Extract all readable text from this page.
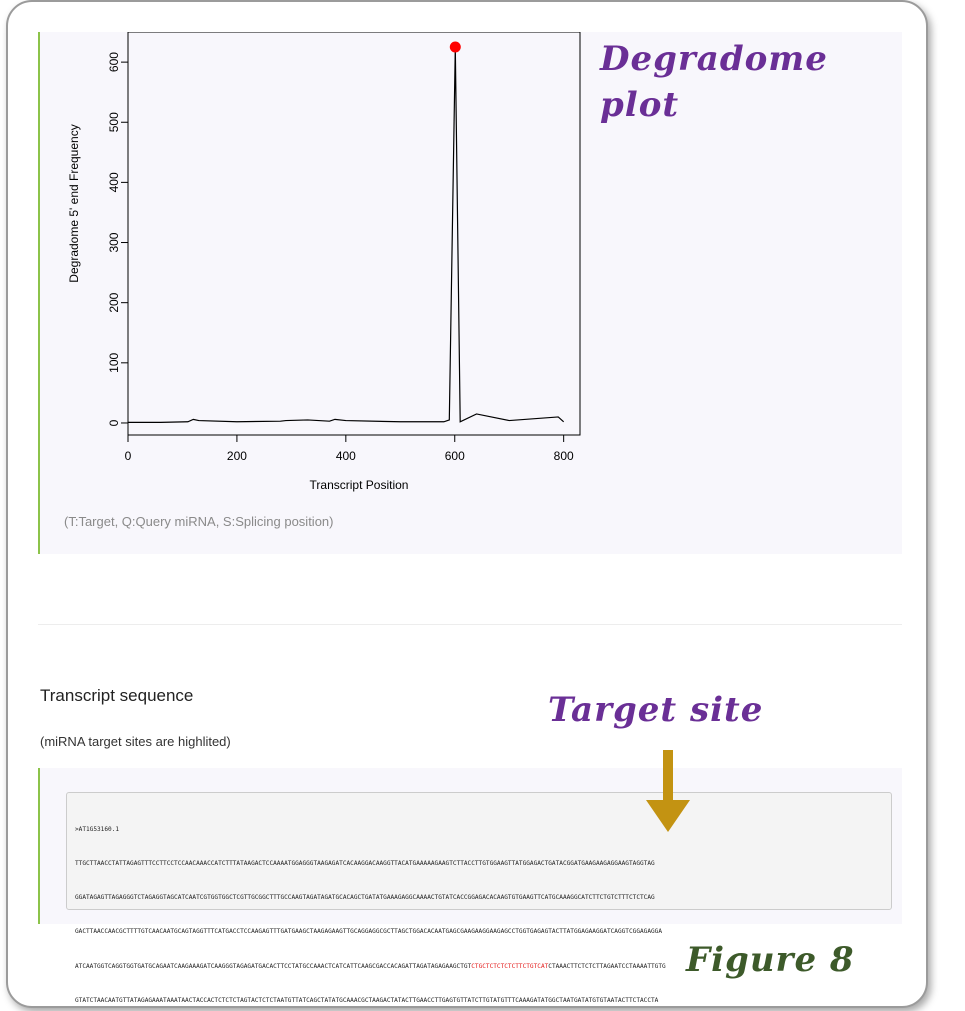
0	200	400	600	800
0
100
200
300
400
500
600
Transcript Position
Degradome 5' end Frequency
(T:Target, Q:Query miRNA, S:Splicing position)
Degradome
plot
Transcript sequence
(miRNA target sites are highlited)
Target site

>AT1G53160.1

TTGCTTAACCTATTAGAGTTTCCTTCCTCCAACAAACCATCTTTATAAGACTCCAAAATGGAGGGTAAGAGATCACAAGGACAAGGTTACATGAAAAAGAAGTCTTACCTTGTGGAAGTTATGGAGACTGATACGGATGAAGAAGAGGAAGTAGGTAG

GGATAGAGTTAGAGGGTCTAGAGGTAGCATCAATCGTGGTGGCTCGTTGCGGCTTTGCCAAGTAGATAGATGCACAGCTGATATGAAAGAGGCAAAACTGTATCACCGGAGACACAAGTGTGAAGTTCATGCAAAGGCATCTTCTGTCTTTCTCTCAG

GACTTAACCAACGCTTTTGTCAACAATGCAGTAGGTTTCATGACCTCCAAGAGTTTGATGAAGCTAAGAGAAGTTGCAGGAGGCGCTTAGCTGGACACAATGAGCGAAGAAGGAAGAGCCTGGTGAGAGTACTTATGGAGAAGGATCAGGTCGGAGAGGA

ATCAATGGTCAGGTGGTGATGCAGAATCAAGAAAGATCAAGGGTAGAGATGACACTTCCTATGCCAAACTCATCATTCAAGCGACCACAGATTAGATAGAGAAGCTGTCTGCTCTCTCTCTTCTGTCATCTAAACTTCTCTCTTAGAATCCTAAAATTGTG

GTATCTAACAATGTTATAGAGAAATAAATAACTACCACTCTCTCTAGTACTCTCTAATGTTATCAGCTATATGCAAACGCTAAGACTATACTTGAACCTTGAGTGTTATCTTGTATGTTTCAAAGATATGGCTAATGATATGTGTAATACTTCTACCTA

Figure 8
